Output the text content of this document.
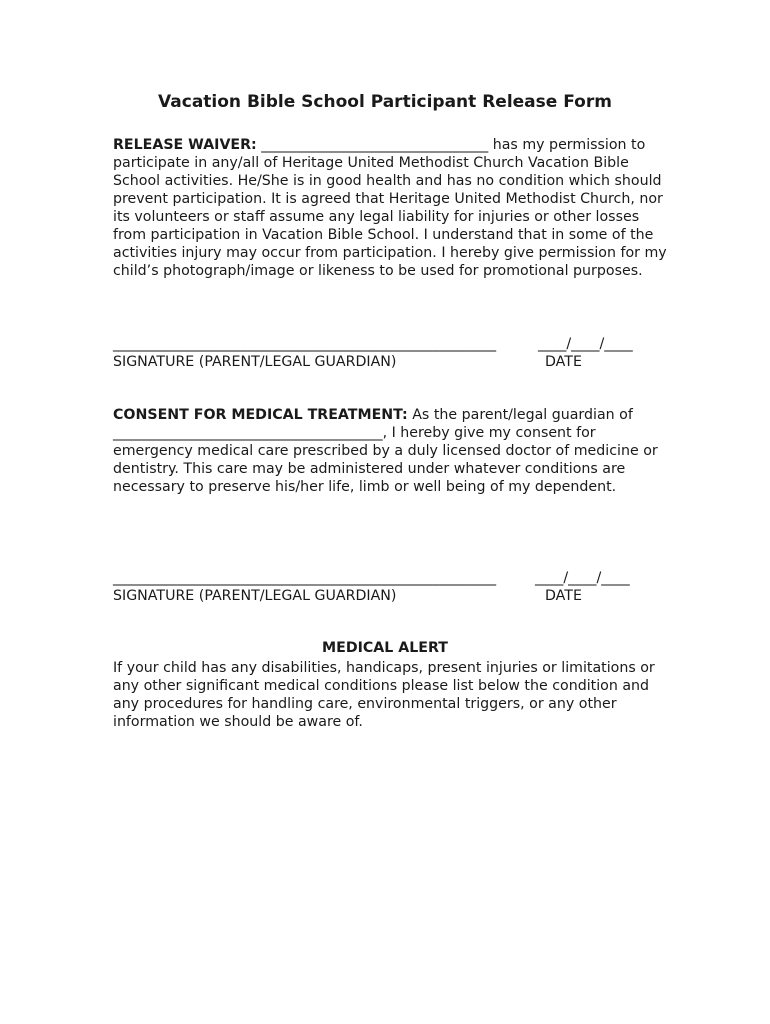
Vacation Bible School Participant Release Form

RELEASE WAIVER: ________________________________ has my permission to participate in any/all of Heritage United Methodist Church Vacation Bible School activities. He/She is in good health and has no condition which should prevent participation. It is agreed that Heritage United Methodist Church, nor its volunteers or staff assume any legal liability for injuries or other losses from participation in Vacation Bible School. I understand that in some of the activities injury may occur from participation. I hereby give permission for my child’s photograph/image or likeness to be used for promotional purposes.

______________________________________________________	____/____/____
SIGNATURE (PARENT/LEGAL GUARDIAN)	DATE

CONSENT FOR MEDICAL TREATMENT: As the parent/legal guardian of ______________________________________, I hereby give my consent for emergency medical care prescribed by a duly licensed doctor of medicine or dentistry. This care may be administered under whatever conditions are necessary to preserve his/her life, limb or well being of my dependent.

______________________________________________________	____/____/____
SIGNATURE (PARENT/LEGAL GUARDIAN)	DATE
MEDICAL ALERT

If your child has any disabilities, handicaps, present injuries or limitations or any other significant medical conditions please list below the condition and any procedures for handling care, environmental triggers, or any other information we should be aware of.
